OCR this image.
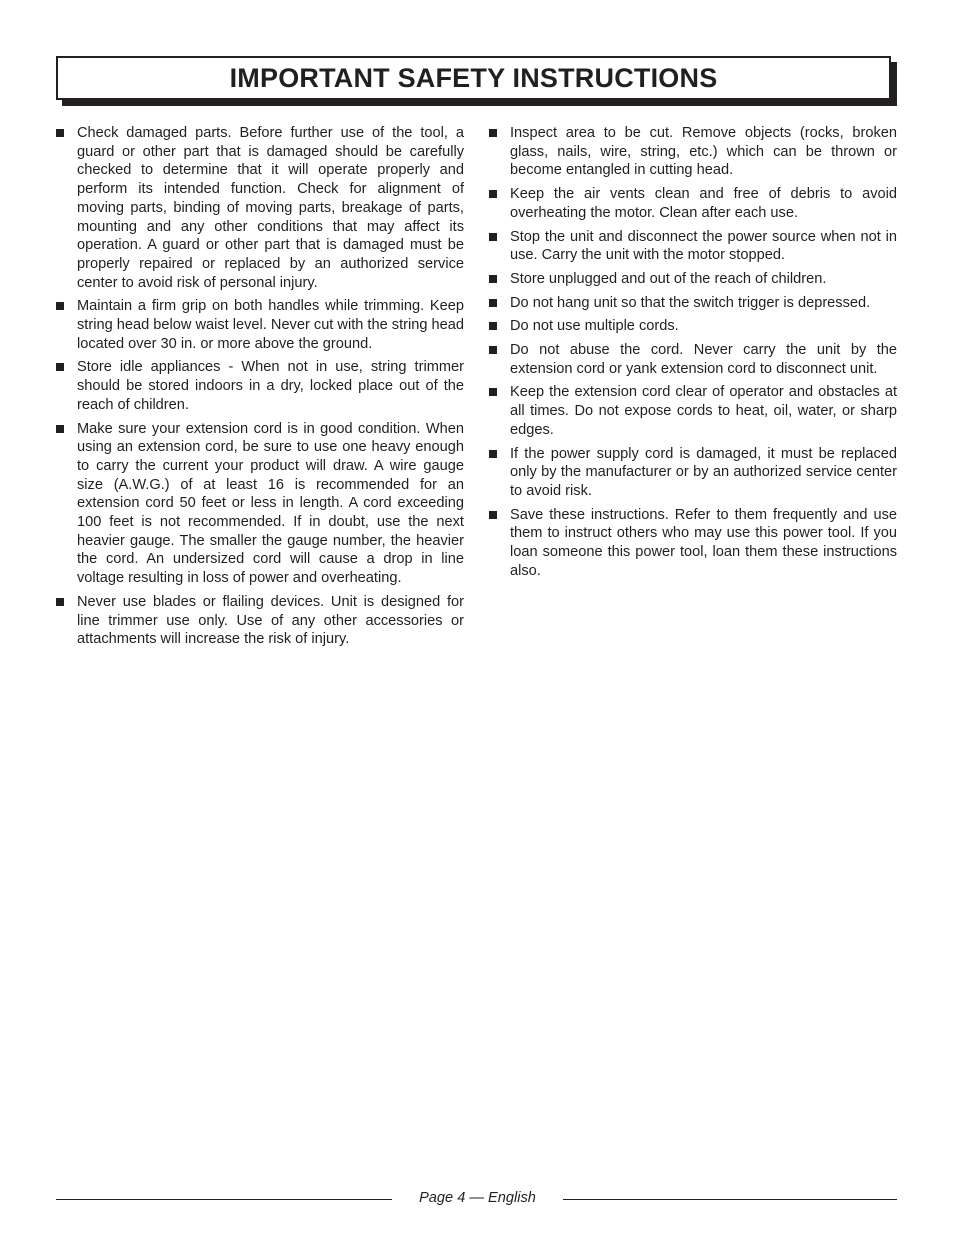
IMPORTANT SAFETY INSTRUCTIONS
Check damaged parts. Before further use of the tool, a guard or other part that is damaged should be carefully checked to determine that it will operate properly and perform its intended function. Check for alignment of moving parts, binding of moving parts, breakage of parts, mounting and any other conditions that may affect its operation. A guard or other part that is damaged must be properly repaired or replaced by an authorized service center to avoid risk of personal injury.
Maintain a firm grip on both handles while trimming. Keep string head below waist level. Never cut with the string head located over 30 in. or more above the ground.
Store idle appliances - When not in use, string trimmer should be stored indoors in a dry, locked place out of the reach of children.
Make sure your extension cord is in good condition. When using an extension cord, be sure to use one heavy enough to carry the current your product will draw. A wire gauge size (A.W.G.) of at least 16 is recommended for an extension cord 50 feet or less in length. A cord exceeding 100 feet is not recommended. If in doubt, use the next heavier gauge. The smaller the gauge number, the heavier the cord. An undersized cord will cause a drop in line voltage resulting in loss of power and overheating.
Never use blades or flailing devices. Unit is designed for line trimmer use only. Use of any other accessories or attachments will increase the risk of injury.
Inspect area to be cut. Remove objects (rocks, broken glass, nails, wire, string, etc.) which can be thrown or become entangled in cutting head.
Keep the air vents clean and free of debris to avoid overheating the motor. Clean after each use.
Stop the unit and disconnect the power source when not in use. Carry the unit with the motor stopped.
Store unplugged and out of the reach of children.
Do not hang unit so that the switch trigger is depressed.
Do not use multiple cords.
Do not abuse the cord. Never carry the unit by the extension cord or yank extension cord to disconnect unit.
Keep the extension cord clear of operator and obstacles at all times. Do not expose cords to heat, oil, water, or sharp edges.
If the power supply cord is damaged, it must be replaced only by the manufacturer or by an authorized service center to avoid risk.
Save these instructions. Refer to them frequently and use them to instruct others who may use this power tool. If you loan someone this power tool, loan them these instructions also.
Page 4 — English
